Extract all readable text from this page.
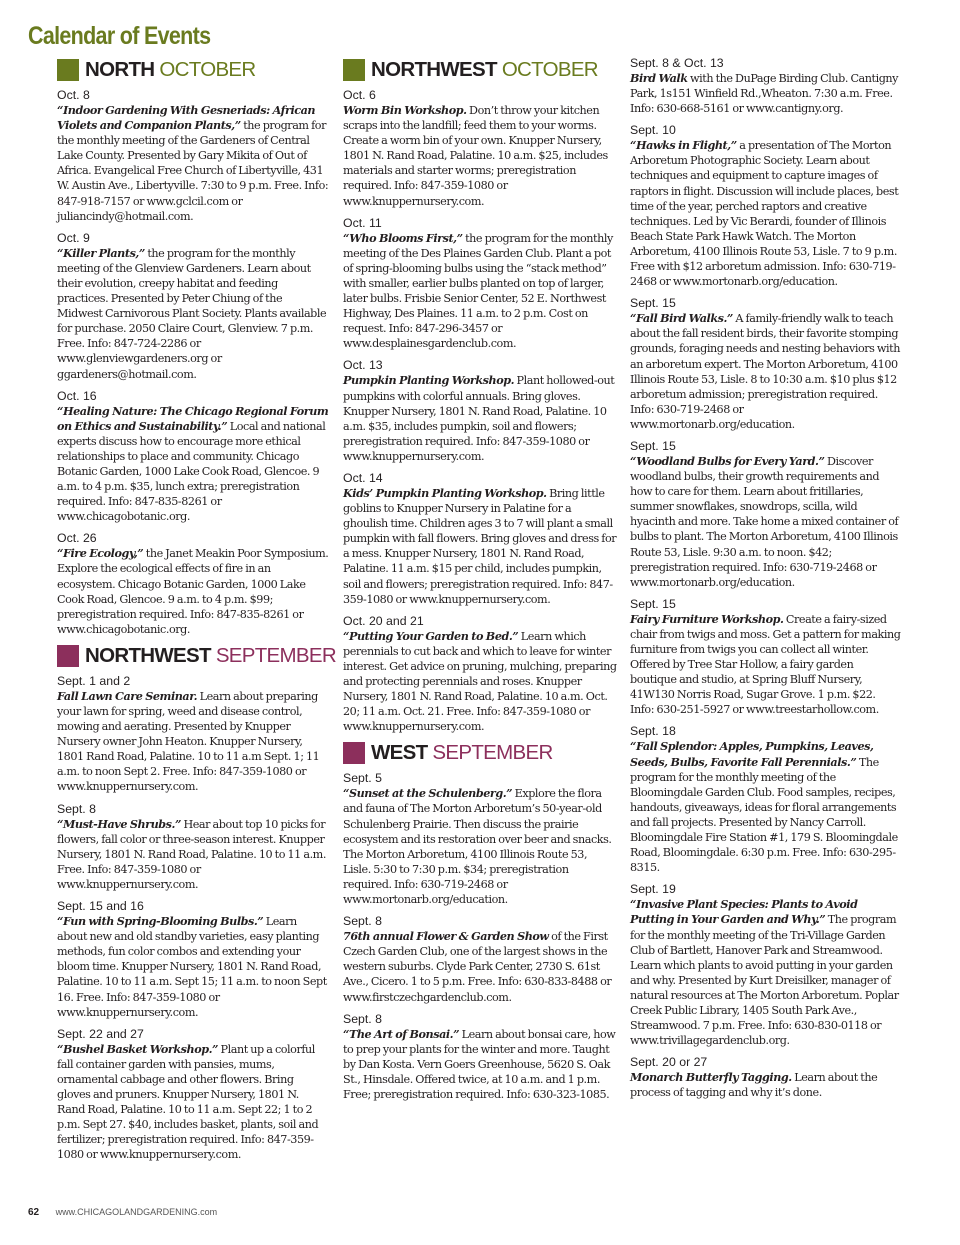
Calendar of Events
NORTH OCTOBER
Oct. 8
“Indoor Gardening With Gesneriads: African Violets and Companion Plants,” the program for the monthly meeting of the Gardeners of Central Lake County. Presented by Gary Mikita of Out of Africa. Evangelical Free Church of Libertyville, 431 W. Austin Ave., Libertyville. 7:30 to 9 p.m. Free. Info: 847-918-7157 or www.gclcil.com or juliancindy@hotmail.com.
Oct. 9
“Killer Plants,” the program for the monthly meeting of the Glenview Gardeners. Learn about their evolution, creepy habitat and feeding practices. Presented by Peter Chiung of the Midwest Carnivorous Plant Society. Plants available for purchase. 2050 Claire Court, Glenview. 7 p.m. Free. Info: 847-724-2286 or www.glenviewgardeners.org or ggardeners@hotmail.com.
Oct. 16
“Healing Nature: The Chicago Regional Forum on Ethics and Sustainability.” Local and national experts discuss how to encourage more ethical relationships to place and community. Chicago Botanic Garden, 1000 Lake Cook Road, Glencoe. 9 a.m. to 4 p.m. $35, lunch extra; preregistration required. Info: 847-835-8261 or www.chicagobotanic.org.
Oct. 26
“Fire Ecology,” the Janet Meakin Poor Symposium. Explore the ecological effects of fire in an ecosystem. Chicago Botanic Garden, 1000 Lake Cook Road, Glencoe. 9 a.m. to 4 p.m. $99; preregistration required. Info: 847-835-8261 or www.chicagobotanic.org.
NORTHWEST SEPTEMBER
Sept. 1 and 2
Fall Lawn Care Seminar. Learn about preparing your lawn for spring, weed and disease control, mowing and aerating. Presented by Knupper Nursery owner John Heaton. Knupper Nursery, 1801 Rand Road, Palatine. 10 to 11 a.m Sept. 1; 11 a.m. to noon Sept 2. Free. Info: 847-359-1080 or www.knuppernursery.com.
Sept. 8
“Must-Have Shrubs.” Hear about top 10 picks for flowers, fall color or three-season interest. Knupper Nursery, 1801 N. Rand Road, Palatine. 10 to 11 a.m. Free. Info: 847-359-1080 or www.knuppernursery.com.
Sept. 15 and 16
“Fun with Spring-Blooming Bulbs.” Learn about new and old standby varieties, easy planting methods, fun color combos and extending your bloom time. Knupper Nursery, 1801 N. Rand Road, Palatine. 10 to 11 a.m. Sept 15; 11 a.m. to noon Sept 16. Free. Info: 847-359-1080 or www.knuppernursery.com.
Sept. 22 and 27
“Bushel Basket Workshop.” Plant up a colorful fall container garden with pansies, mums, ornamental cabbage and other flowers. Bring gloves and pruners. Knupper Nursery, 1801 N. Rand Road, Palatine. 10 to 11 a.m. Sept 22; 1 to 2 p.m. Sept 27. $40, includes basket, plants, soil and fertilizer; preregistration required. Info: 847-359-1080 or www.knuppernursery.com.
NORTHWEST OCTOBER
Oct. 6
Worm Bin Workshop. Don’t throw your kitchen scraps into the landfill; feed them to your worms. Create a worm bin of your own. Knupper Nursery, 1801 N. Rand Road, Palatine. 10 a.m. $25, includes materials and starter worms; preregistration required. Info: 847-359-1080 or www.knuppernursery.com.
Oct. 11
“Who Blooms First,” the program for the monthly meeting of the Des Plaines Garden Club. Plant a pot of spring-blooming bulbs using the “stack method” with smaller, earlier bulbs planted on top of larger, later bulbs. Frisbie Senior Center, 52 E. Northwest Highway, Des Plaines. 11 a.m. to 2 p.m. Cost on request. Info: 847-296-3457 or www.desplainesgardenclub.com.
Oct. 13
Pumpkin Planting Workshop. Plant hollowed-out pumpkins with colorful annuals. Bring gloves. Knupper Nursery, 1801 N. Rand Road, Palatine. 10 a.m. $35, includes pumpkin, soil and flowers; preregistration required. Info: 847-359-1080 or www.knuppernursery.com.
Oct. 14
Kids’ Pumpkin Planting Workshop. Bring little goblins to Knupper Nursery in Palatine for a ghoulish time. Children ages 3 to 7 will plant a small pumpkin with fall flowers. Bring gloves and dress for a mess. Knupper Nursery, 1801 N. Rand Road, Palatine. 11 a.m. $15 per child, includes pumpkin, soil and flowers; preregistration required. Info: 847-359-1080 or www.knuppernursery.com.
Oct. 20 and 21
“Putting Your Garden to Bed.” Learn which perennials to cut back and which to leave for winter interest. Get advice on pruning, mulching, preparing and protecting perennials and roses. Knupper Nursery, 1801 N. Rand Road, Palatine. 10 a.m. Oct. 20; 11 a.m. Oct. 21. Free. Info: 847-359-1080 or www.knuppernursery.com.
WEST SEPTEMBER
Sept. 5
“Sunset at the Schulenberg.” Explore the flora and fauna of The Morton Arboretum’s 50-year-old Schulenberg Prairie. Then discuss the prairie ecosystem and its restoration over beer and snacks. The Morton Arboretum, 4100 Illinois Route 53, Lisle. 5:30 to 7:30 p.m. $34; preregistration required. Info: 630-719-2468 or www.mortonarb.org/education.
Sept. 8
76th annual Flower & Garden Show of the First Czech Garden Club, one of the largest shows in the western suburbs. Clyde Park Center, 2730 S. 61st Ave., Cicero. 1 to 5 p.m. Free. Info: 630-833-8488 or www.firstczechgardenclub.com.
Sept. 8
“The Art of Bonsai.” Learn about bonsai care, how to prep your plants for the winter and more. Taught by Dan Kosta. Vern Goers Greenhouse, 5620 S. Oak St., Hinsdale. Offered twice, at 10 a.m. and 1 p.m. Free; preregistration required. Info: 630-323-1085.
Sept. 8 & Oct. 13
Bird Walk with the DuPage Birding Club. Cantigny Park, 1s151 Winfield Rd.,Wheaton. 7:30 a.m. Free. Info: 630-668-5161 or www.cantigny.org.
Sept. 10
“Hawks in Flight,” a presentation of The Morton Arboretum Photographic Society. Learn about techniques and equipment to capture images of raptors in flight. Discussion will include places, best time of the year, perched raptors and creative techniques. Led by Vic Berardi, founder of Illinois Beach State Park Hawk Watch. The Morton Arboretum, 4100 Illinois Route 53, Lisle. 7 to 9 p.m. Free with $12 arboretum admission. Info: 630-719-2468 or www.mortonarb.org/education.
Sept. 15
“Fall Bird Walks.” A family-friendly walk to teach about the fall resident birds, their favorite stomping grounds, foraging needs and nesting behaviors with an arboretum expert. The Morton Arboretum, 4100 Illinois Route 53, Lisle. 8 to 10:30 a.m. $10 plus $12 arboretum admission; preregistration required. Info: 630-719-2468 or www.mortonarb.org/education.
Sept. 15
“Woodland Bulbs for Every Yard.” Discover woodland bulbs, their growth requirements and how to care for them. Learn about fritillaries, summer snowflakes, snowdrops, scilla, wild hyacinth and more. Take home a mixed container of bulbs to plant. The Morton Arboretum, 4100 Illinois Route 53, Lisle. 9:30 a.m. to noon. $42; preregistration required. Info: 630-719-2468 or www.mortonarb.org/education.
Sept. 15
Fairy Furniture Workshop. Create a fairy-sized chair from twigs and moss. Get a pattern for making furniture from twigs you can collect all winter. Offered by Tree Star Hollow, a fairy garden boutique and studio, at Spring Bluff Nursery, 41W130 Norris Road, Sugar Grove. 1 p.m. $22. Info: 630-251-5927 or www.treestarhollow.com.
Sept. 18
“Fall Splendor: Apples, Pumpkins, Leaves, Seeds, Bulbs, Favorite Fall Perennials.” The program for the monthly meeting of the Bloomingdale Garden Club. Food samples, recipes, handouts, giveaways, ideas for floral arrangements and fall projects. Presented by Nancy Carroll. Bloomingdale Fire Station #1, 179 S. Bloomingdale Road, Bloomingdale. 6:30 p.m. Free. Info: 630-295-8315.
Sept. 19
“Invasive Plant Species: Plants to Avoid Putting in Your Garden and Why.” The program for the monthly meeting of the Tri-Village Garden Club of Bartlett, Hanover Park and Streamwood. Learn which plants to avoid putting in your garden and why. Presented by Kurt Dreisilker, manager of natural resources at The Morton Arboretum. Poplar Creek Public Library, 1405 South Park Ave., Streamwood. 7 p.m. Free. Info: 630-830-0118 or www.trivillagegardenclub.org.
Sept. 20 or 27
Monarch Butterfly Tagging. Learn about the process of tagging and why it’s done.
62 www.CHICAGOLANDGARDENING.com
